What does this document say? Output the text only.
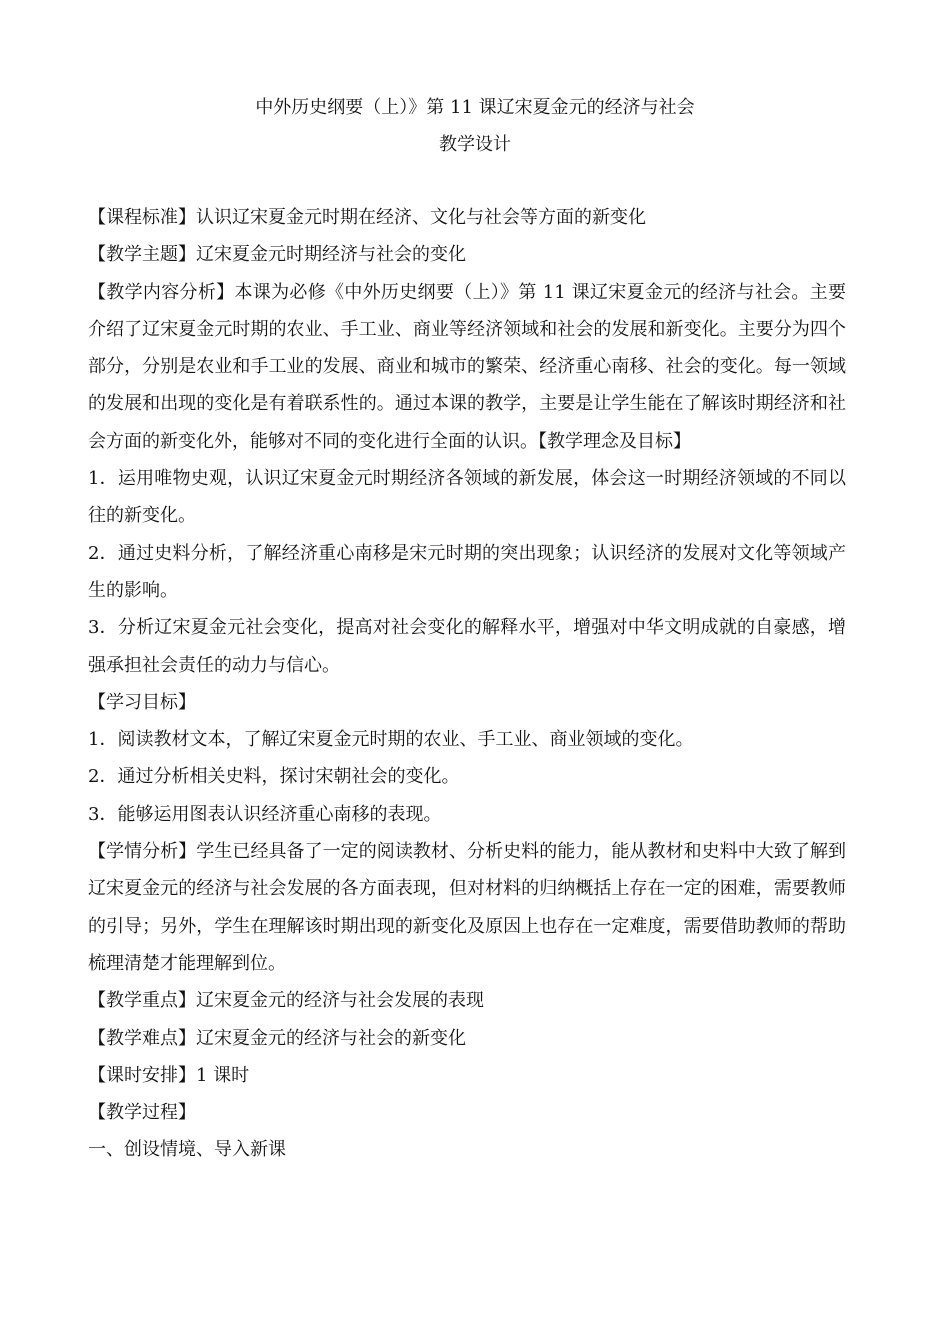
中外历史纲要（上）》第 11 课辽宋夏金元的经济与社会
教学设计

【课程标准】认识辽宋夏金元时期在经济、文化与社会等方面的新变化

【教学主题】辽宋夏金元时期经济与社会的变化

【教学内容分析】本课为必修《中外历史纲要（上）》第 11 课辽宋夏金元的经济与社会。主要介绍了辽宋夏金元时期的农业、手工业、商业等经济领域和社会的发展和新变化。主要分为四个部分，分别是农业和手工业的发展、商业和城市的繁荣、经济重心南移、社会的变化。每一领域的发展和出现的变化是有着联系性的。通过本课的教学，主要是让学生能在了解该时期经济和社会方面的新变化外，能够对不同的变化进行全面的认识。【教学理念及目标】

1．运用唯物史观，认识辽宋夏金元时期经济各领域的新发展，体会这一时期经济领域的不同以往的新变化。

2．通过史料分析，了解经济重心南移是宋元时期的突出现象；认识经济的发展对文化等领域产生的影响。

3．分析辽宋夏金元社会变化，提高对社会变化的解释水平，增强对中华文明成就的自豪感，增强承担社会责任的动力与信心。

【学习目标】

1．阅读教材文本，了解辽宋夏金元时期的农业、手工业、商业领域的变化。

2．通过分析相关史料，探讨宋朝社会的变化。

3．能够运用图表认识经济重心南移的表现。

【学情分析】学生已经具备了一定的阅读教材、分析史料的能力，能从教材和史料中大致了解到辽宋夏金元的经济与社会发展的各方面表现，但对材料的归纳概括上存在一定的困难，需要教师的引导；另外，学生在理解该时期出现的新变化及原因上也存在一定难度，需要借助教师的帮助梳理清楚才能理解到位。

【教学重点】辽宋夏金元的经济与社会发展的表现

【教学难点】辽宋夏金元的经济与社会的新变化

【课时安排】1 课时

【教学过程】

一、创设情境、导入新课
